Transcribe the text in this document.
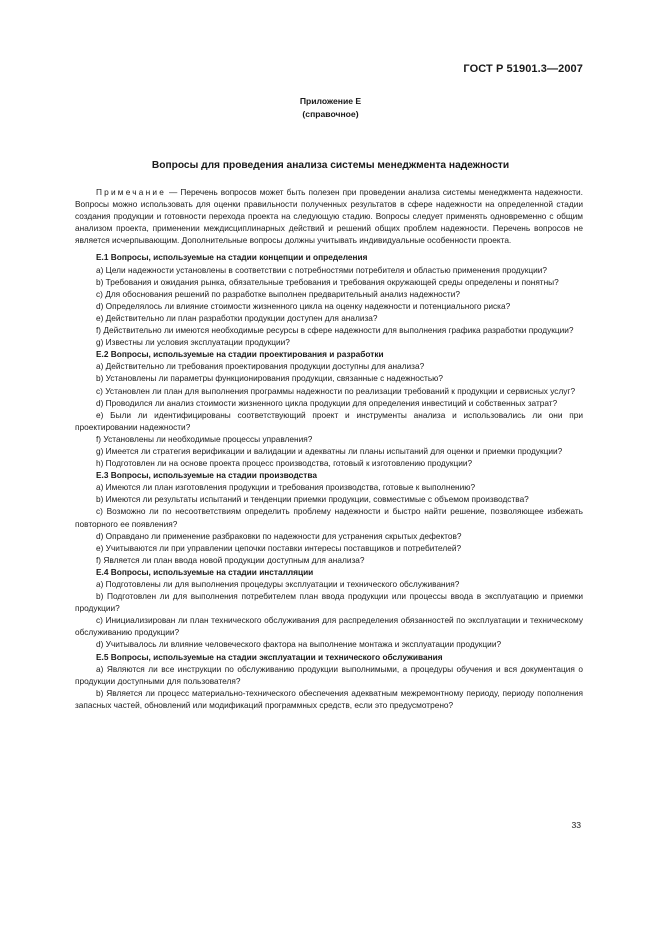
ГОСТ Р 51901.3—2007
Приложение Е
(справочное)
Вопросы для проведения анализа системы менеджмента надежности

Примечание — Перечень вопросов может быть полезен при проведении анализа системы менеджмента надежности. Вопросы можно использовать для оценки правильности полученных результатов в сфере надежности на определенной стадии создания продукции и готовности перехода проекта на следующую стадию. Вопросы следует применять одновременно с общим анализом проекта, применении междисциплинарных действий и решений общих проблем надежности. Перечень вопросов не является исчерпывающим. Дополнительные вопросы должны учитывать индивидуальные особенности проекта.

Е.1 Вопросы, используемые на стадии концепции и определения

a) Цели надежности установлены в соответствии с потребностями потребителя и областью применения продукции?

b) Требования и ожидания рынка, обязательные требования и требования окружающей среды определены и понятны?

c) Для обоснования решений по разработке выполнен предварительный анализ надежности?

d) Определялось ли влияние стоимости жизненного цикла на оценку надежности и потенциального риска?

e) Действительно ли план разработки продукции доступен для анализа?

f) Действительно ли имеются необходимые ресурсы в сфере надежности для выполнения графика разработки продукции?

g) Известны ли условия эксплуатации продукции?

Е.2 Вопросы, используемые на стадии проектирования и разработки

a) Действительно ли требования проектирования продукции доступны для анализа?

b) Установлены ли параметры функционирования продукции, связанные с надежностью?

c) Установлен ли план для выполнения программы надежности по реализации требований к продукции и сервисных услуг?

d) Проводился ли анализ стоимости жизненного цикла продукции для определения инвестиций и собственных затрат?

e) Были ли идентифицированы соответствующий проект и инструменты анализа и использовались ли они при проектировании надежности?

f) Установлены ли необходимые процессы управления?

g) Имеется ли стратегия верификации и валидации и адекватны ли планы испытаний для оценки и приемки продукции?

h) Подготовлен ли на основе проекта процесс производства, готовый к изготовлению продукции?

Е.3 Вопросы, используемые на стадии производства

a) Имеются ли план изготовления продукции и требования производства, готовые к выполнению?

b) Имеются ли результаты испытаний и тенденции приемки продукции, совместимые с объемом производства?

c) Возможно ли по несоответствиям определить проблему надежности и быстро найти решение, позволяющее избежать повторного ее появления?

d) Оправдано ли применение разбраковки по надежности для устранения скрытых дефектов?

e) Учитываются ли при управлении цепочки поставки интересы поставщиков и потребителей?

f) Является ли план ввода новой продукции доступным для анализа?

Е.4 Вопросы, используемые на стадии инсталляции

a) Подготовлены ли для выполнения процедуры эксплуатации и технического обслуживания?

b) Подготовлен ли для выполнения потребителем план ввода продукции или процессы ввода в эксплуатацию и приемки продукции?

c) Инициализирован ли план технического обслуживания для распределения обязанностей по эксплуатации и техническому обслуживанию продукции?

d) Учитывалось ли влияние человеческого фактора на выполнение монтажа и эксплуатации продукции?

Е.5 Вопросы, используемые на стадии эксплуатации и технического обслуживания

a) Являются ли все инструкции по обслуживанию продукции выполнимыми, а процедуры обучения и вся документация о продукции доступными для пользователя?

b) Является ли процесс материально-технического обеспечения адекватным межремонтному периоду, периоду пополнения запасных частей, обновлений или модификаций программных средств, если это предусмотрено?

33
